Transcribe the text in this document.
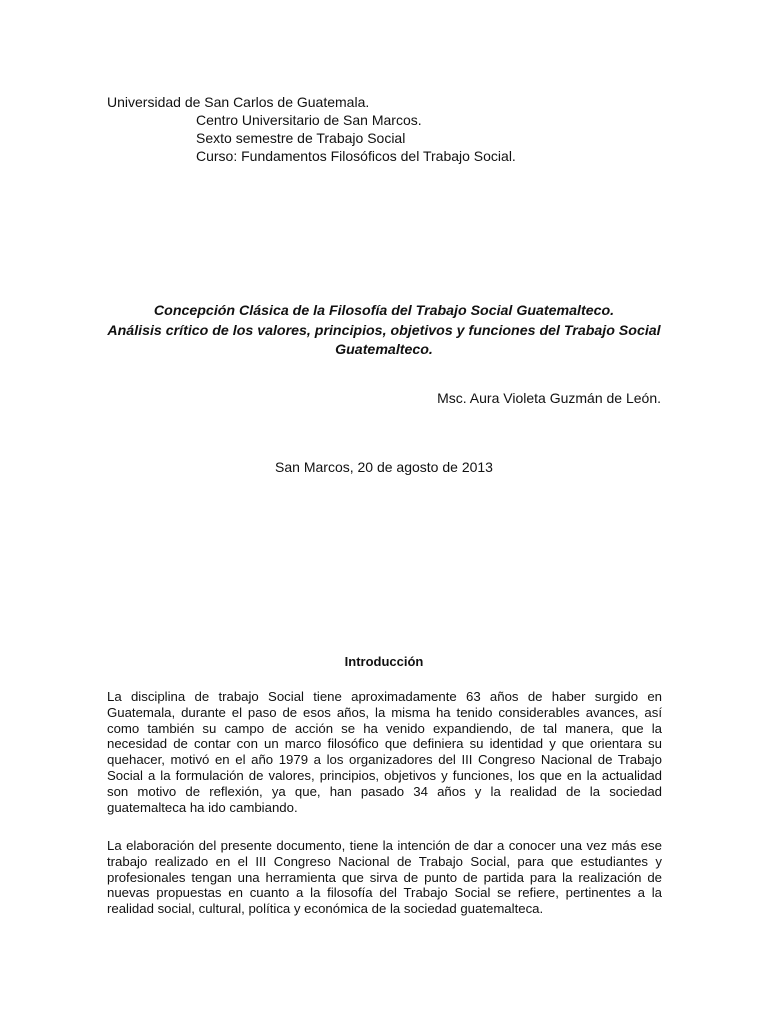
Universidad de San Carlos de Guatemala.
Centro Universitario de San Marcos.
Sexto semestre de Trabajo Social
Curso: Fundamentos Filosóficos del Trabajo Social.
Concepción Clásica de la Filosofía del Trabajo Social Guatemalteco.
Análisis crítico de los valores, principios, objetivos y funciones del Trabajo Social Guatemalteco.
Msc. Aura Violeta Guzmán de León.
San Marcos, 20 de agosto de 2013
Introducción

La disciplina de trabajo Social tiene aproximadamente 63 años de haber surgido en Guatemala, durante el paso de esos años, la misma ha tenido considerables avances, así como también su campo de acción se ha venido expandiendo, de tal manera, que la necesidad de contar con un marco filosófico que definiera su identidad y que orientara su quehacer, motivó en el año 1979 a los organizadores del III Congreso Nacional de Trabajo Social a la formulación de valores, principios, objetivos y funciones, los que en la actualidad son motivo de reflexión, ya que, han pasado 34 años y la realidad de la sociedad guatemalteca ha ido cambiando.

La elaboración del presente documento, tiene la intención de dar a conocer una vez más ese trabajo realizado en el III Congreso Nacional de Trabajo Social, para que estudiantes y profesionales tengan una herramienta que sirva de punto de partida para la realización de nuevas propuestas en cuanto a la filosofía del Trabajo Social se refiere, pertinentes a la realidad social, cultural, política y económica de la sociedad guatemalteca.
